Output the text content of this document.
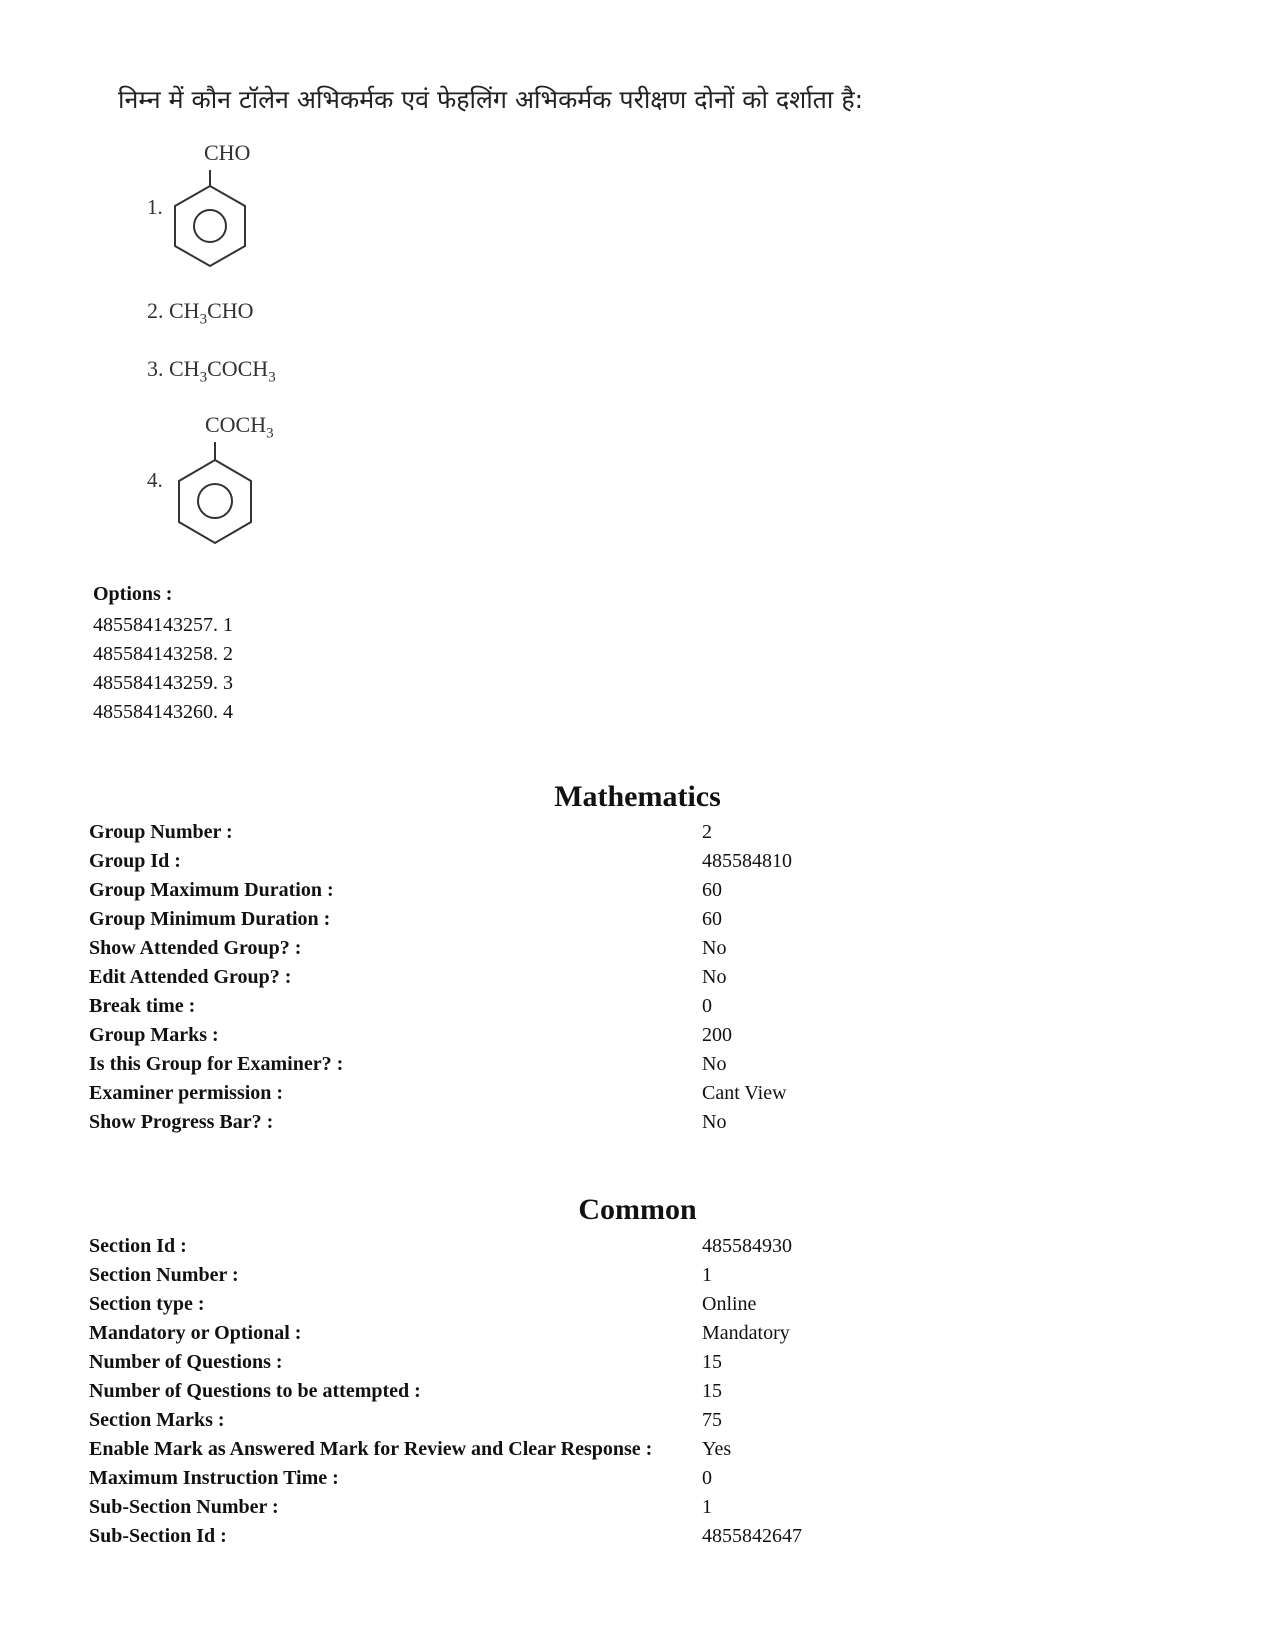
निम्न में कौन टॉलेन अभिकर्मक एवं फेहलिंग अभिकर्मक परीक्षण दोनों को दर्शाता है:
CHO
1.
2. $CH_3CHO$
3. $CH_3COCH_3$
$COCH_3$
4.
Options :
485584143257. 1
485584143258. 2
485584143259. 3
485584143260. 4
Mathematics
Group Number :	2
Group Id :	485584810
Group Maximum Duration :	60
Group Minimum Duration :	60
Show Attended Group? :	No
Edit Attended Group? :	No
Break time :	0
Group Marks :	200
Is this Group for Examiner? :	No
Examiner permission :	Cant View
Show Progress Bar? :	No
Common
Section Id :	485584930
Section Number :	1
Section type :	Online
Mandatory or Optional :	Mandatory
Number of Questions :	15
Number of Questions to be attempted :	15
Section Marks :	75
Enable Mark as Answered Mark for Review and Clear Response :	Yes
Maximum Instruction Time :	0
Sub-Section Number :	1
Sub-Section Id :	4855842647
